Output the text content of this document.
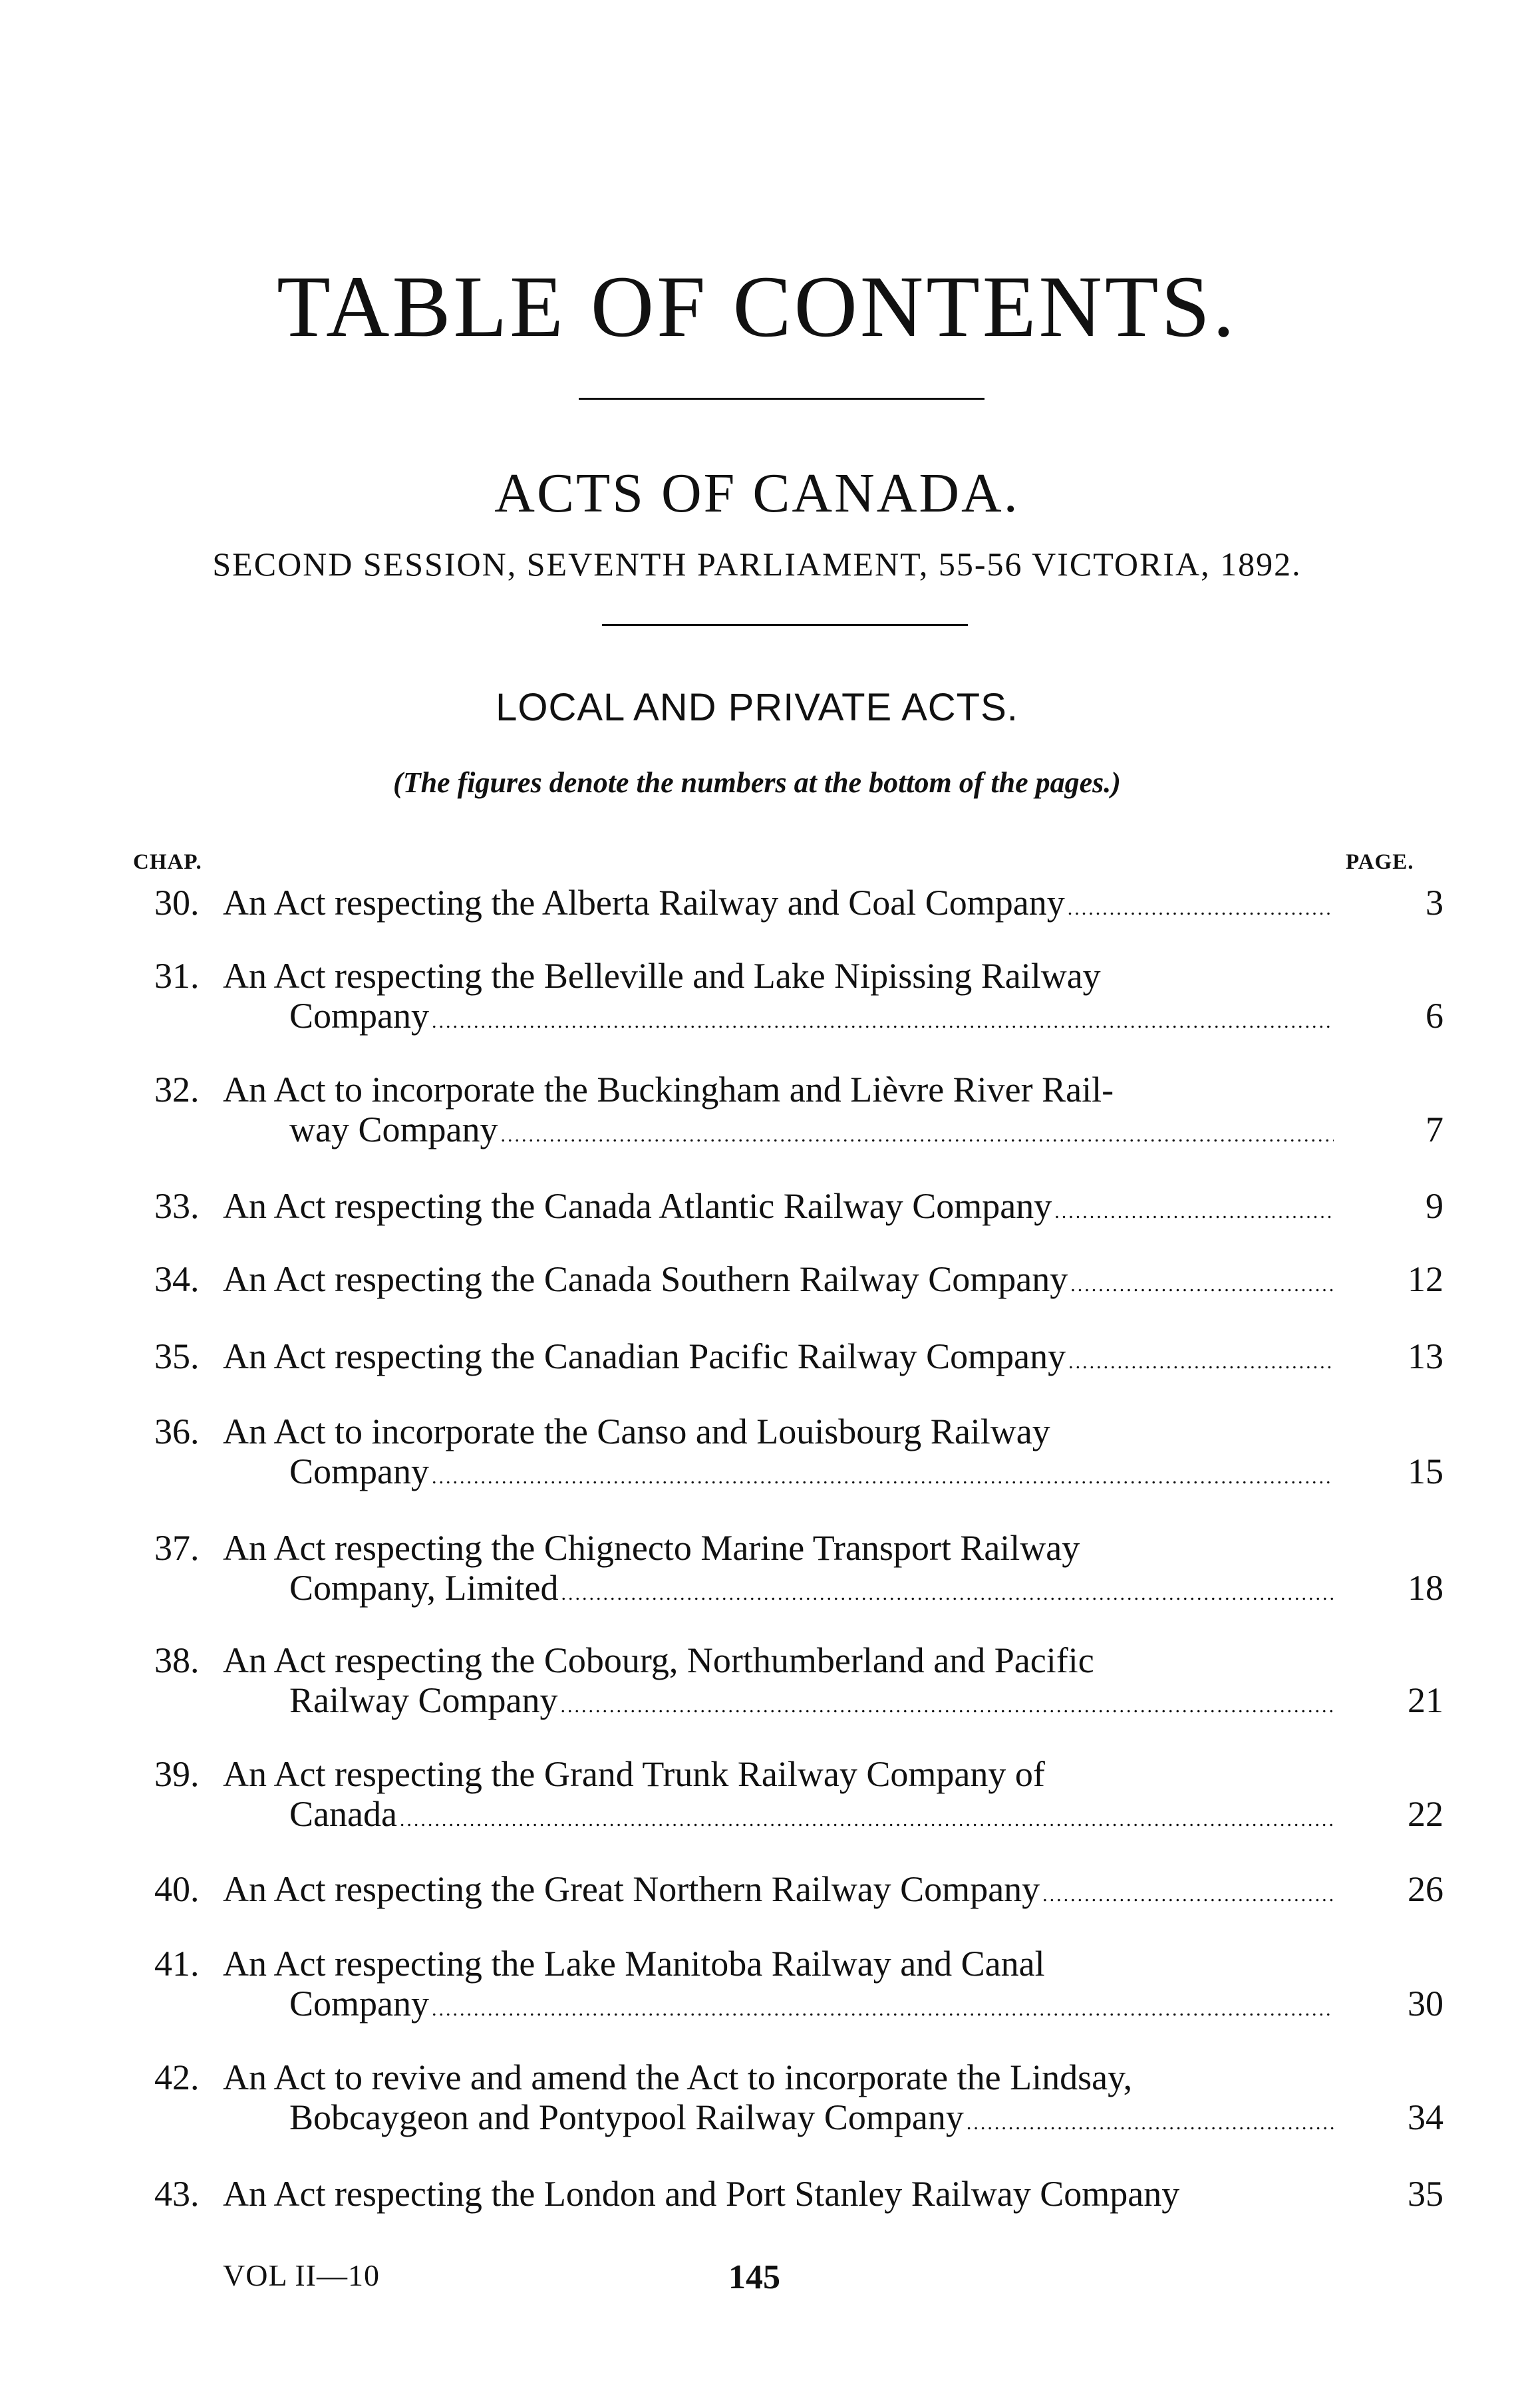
TABLE OF CONTENTS.
ACTS OF CANADA.
SECOND SESSION, SEVENTH PARLIAMENT, 55-56 VICTORIA, 1892.
LOCAL AND PRIVATE ACTS.
(The figures denote the numbers at the bottom of the pages.)
CHAP.	PAGE.
30. An Act respecting the Alberta Railway and Coal Company .....	3
31. An Act respecting the Belleville and Lake Nipissing Railway
Company .....	6
32. An Act to incorporate the Buckingham and Lièvre River Rail-
way Company .....	7
33. An Act respecting the Canada Atlantic Railway Company .....	9
34. An Act respecting the Canada Southern Railway Company .....	12
35. An Act respecting the Canadian Pacific Railway Company .....	13
36. An Act to incorporate the Canso and Louisbourg Railway
Company .....	15
37. An Act respecting the Chignecto Marine Transport Railway
Company, Limited .....	18
38. An Act respecting the Cobourg, Northumberland and Pacific
Railway Company .....	21
39. An Act respecting the Grand Trunk Railway Company of
Canada .....	22
40. An Act respecting the Great Northern Railway Company .....	26
41. An Act respecting the Lake Manitoba Railway and Canal
Company .....	30
42. An Act to revive and amend the Act to incorporate the Lindsay,
Bobcaygeon and Pontypool Railway Company .....	34
43. An Act respecting the London and Port Stanley Railway Company	35
VOL II—10	145
